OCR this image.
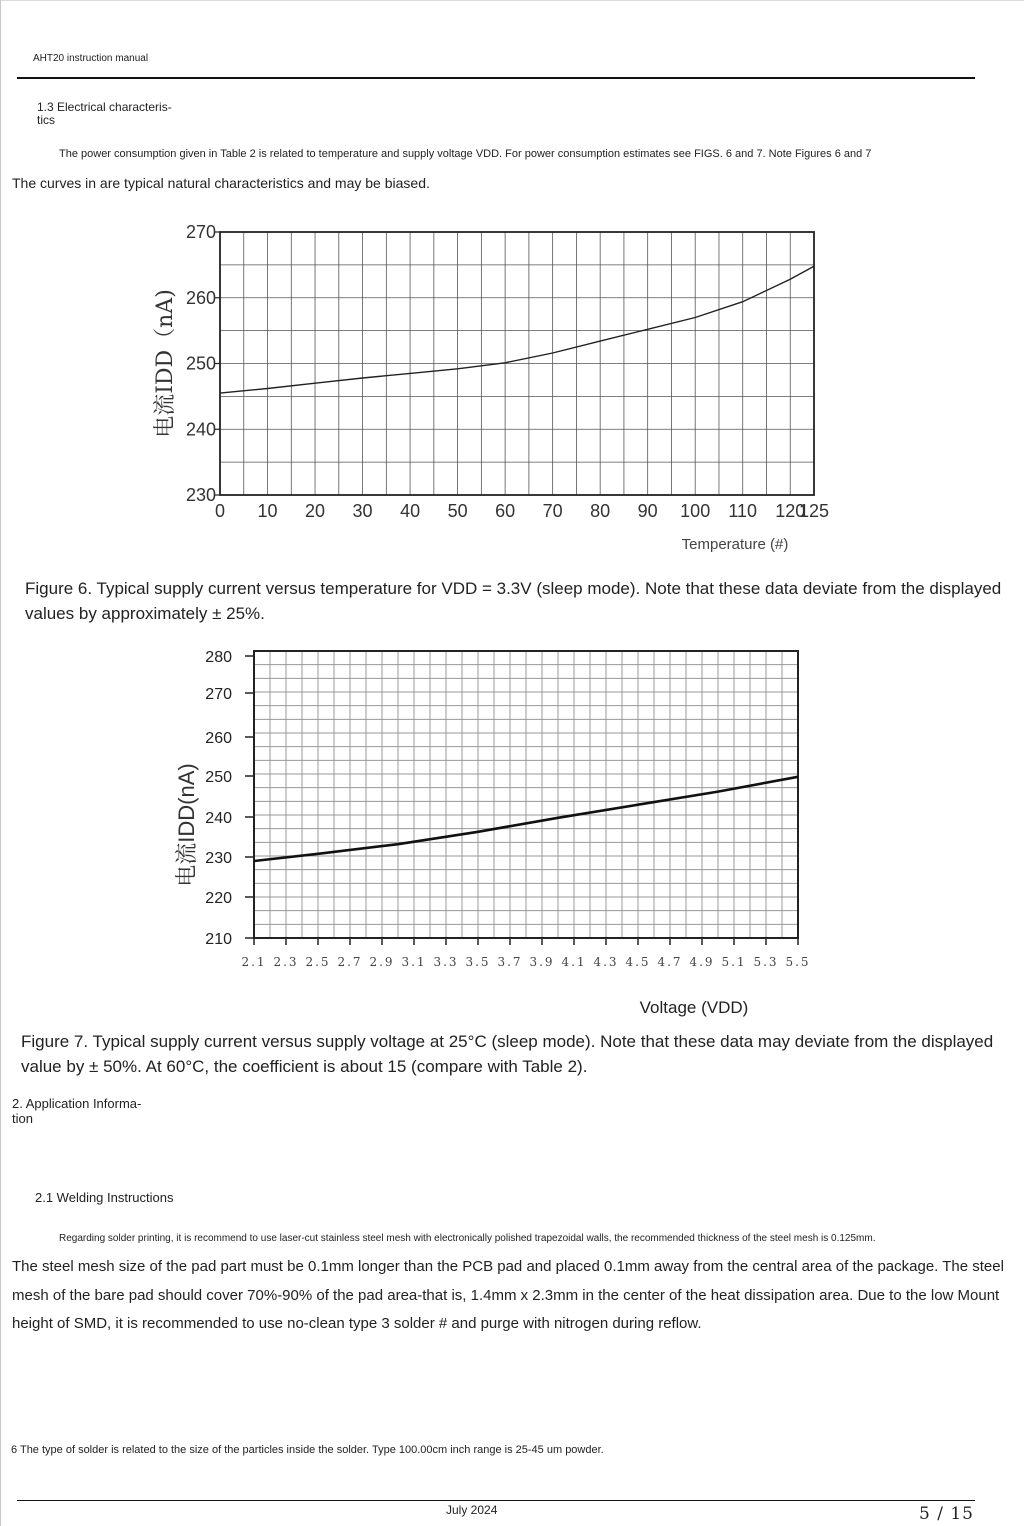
AHT20 instruction manual
1.3 Electrical characteris-
tics
The power consumption given in Table 2 is related to temperature and supply voltage VDD. For power consumption estimates see FIGS. 6 and 7. Note Figures 6 and 7
The curves in are typical natural characteristics and may be biased.
0 10 20 30 40 50 60 70 80 90 100 110 120
125
230
240
250
260
270
电流IDD（nA)
Temperature (#)
Figure 6. Typical supply current versus temperature for VDD = 3.3V (sleep mode). Note that these data deviate from the displayed values by approximately ± 25%.
2.1 2.3 2.5 2.7 2.9 3.1 3.3 3.5 3.7 3.9 4.1 4.3 4.5 4.7 4.9 5.1 5.3 5.5
210
220
230
240
250
260
270
280
电流IDD(nA)
Voltage (VDD)
Figure 7. Typical supply current versus supply voltage at 25°C (sleep mode). Note that these data may deviate from the displayed value by ± 50%. At 60°C, the coefficient is about 15 (compare with Table 2).
2. Application Informa-
tion
2.1 Welding Instructions
Regarding solder printing, it is recommend to use laser-cut stainless steel mesh with electronically polished trapezoidal walls, the recommended thickness of the steel mesh is 0.125mm.
The steel mesh size of the pad part must be 0.1mm longer than the PCB pad and placed 0.1mm away from the central area of the package. The steel mesh of the bare pad should cover 70%-90% of the pad area-that is, 1.4mm x 2.3mm in the center of the heat dissipation area. Due to the low Mount height of SMD, it is recommended to use no-clean type 3 solder # and purge with nitrogen during reflow.
6 The type of solder is related to the size of the particles inside the solder. Type 100.00cm inch range is 25-45 um powder.
July 2024	5 / 15
